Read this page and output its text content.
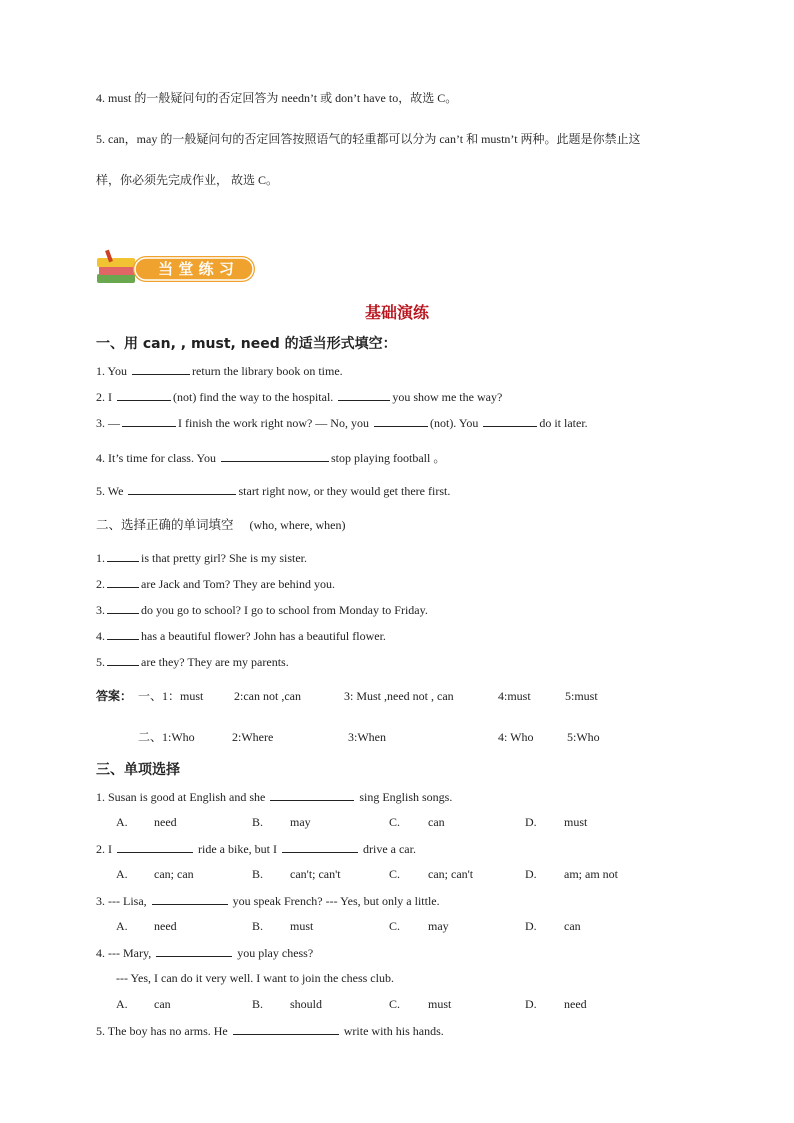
4. must 的一般疑问句的否定回答为 needn’t 或 don’t have to，故选 C。
5. can，may 的一般疑问句的否定回答按照语气的轻重都可以分为 can’t 和 mustn’t 两种。此题是你禁止这
样，你必须先完成作业， 故选 C。
当 堂 练 习
基础演练
一、用 can, , must, need 的适当形式填空：
1. You	return the library book on time.
2. I	(not) find the way to the hospital.	you show me the way?
3. —	I finish the work right now? — No, you	(not). You	do it later.
4. It’s time for class. You	stop playing football 。
5. We	start right now, or they would get there first.
二、选择正确的单词填空 (who, where, when)
1.	is that pretty girl? She is my sister.
2.	are Jack and Tom? They are behind you.
3.	do you go to school? I go to school from Monday to Friday.
4.	has a beautiful flower? John has a beautiful flower.
5.	are they? They are my parents.
答案： 一、1：must	2:can not ,can	3: Must ,need not , can	4:must	5:must
二、1:Who	2:Where	3:When	4: Who	5:Who
三、单项选择
1. Susan is good at English and she	sing English songs.
A. need	B. may	C. can	D. must
2. I	ride a bike, but I	drive a car.
A. can; can	B. can't; can't	C. can; can't	D. am; am not
3. --- Lisa,	you speak French? --- Yes, but only a little.
A. need	B. must	C. may	D. can
4. --- Mary,	you play chess?
--- Yes, I can do it very well. I want to join the chess club.
A. can	B. should	C. must	D. need
5. The boy has no arms. He	write with his hands.
